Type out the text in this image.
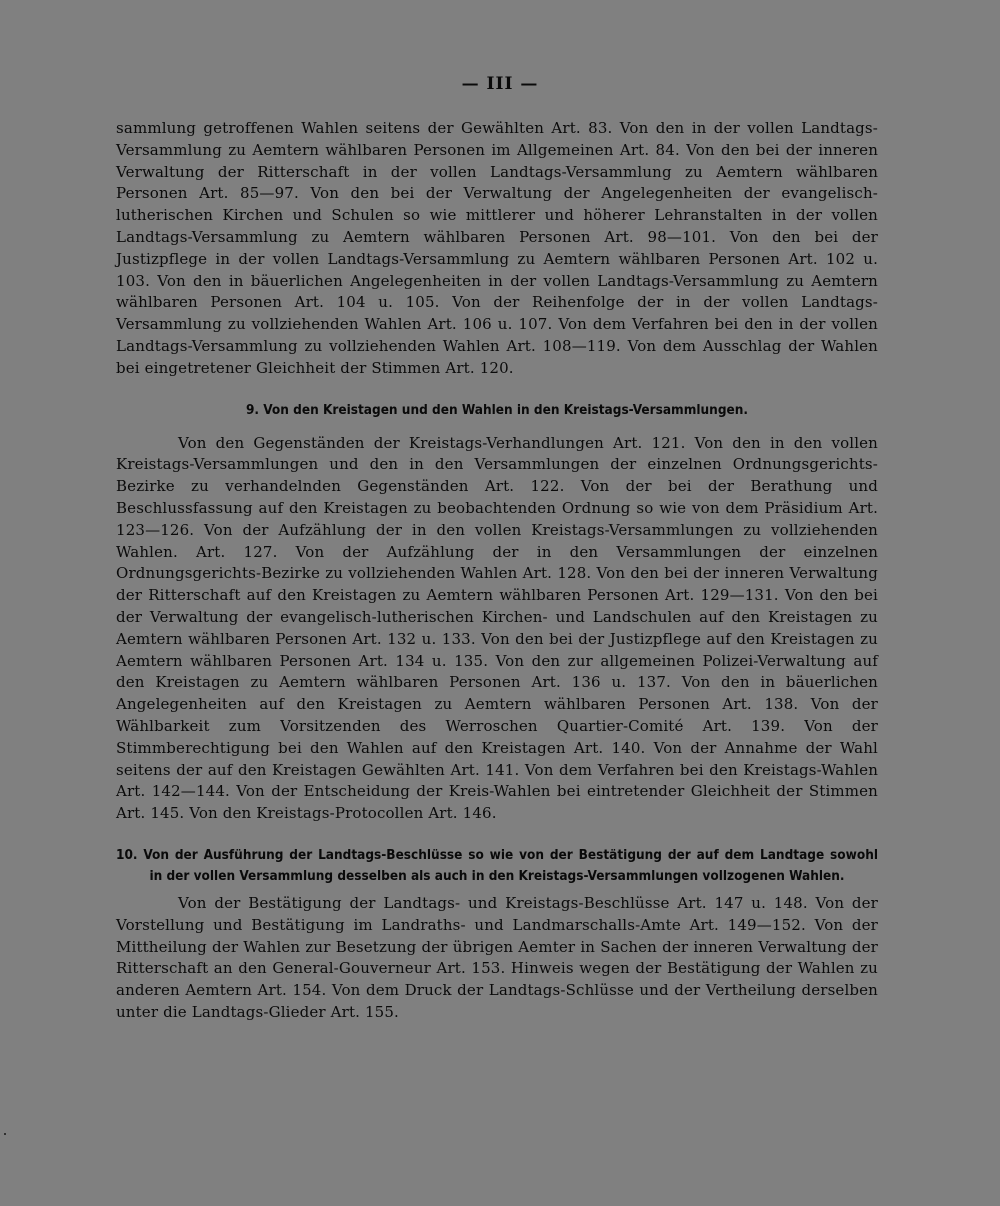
— III —

sammlung getroffenen Wahlen seitens der Gewählten Art. 83. Von den in der vollen Landtags-Versammlung zu Aemtern wählbaren Personen im Allgemeinen Art. 84. Von den bei der inneren Verwaltung der Ritterschaft in der vollen Landtags-Versammlung zu Aemtern wählbaren Personen Art. 85—97. Von den bei der Verwaltung der Angelegenheiten der evangelisch-lutherischen Kirchen und Schulen so wie mittlerer und höherer Lehranstalten in der vollen Landtags-Versammlung zu Aemtern wählbaren Personen Art. 98—101. Von den bei der Justizpflege in der vollen Landtags-Versammlung zu Aemtern wählbaren Personen Art. 102 u. 103. Von den in bäuerlichen Angelegenheiten in der vollen Landtags-Versammlung zu Aemtern wählbaren Personen Art. 104 u. 105. Von der Reihenfolge der in der vollen Landtags-Versammlung zu vollziehenden Wahlen Art. 106 u. 107. Von dem Verfahren bei den in der vollen Landtags-Versammlung zu vollziehenden Wahlen Art. 108—119. Von dem Ausschlag der Wahlen bei eingetretener Gleichheit der Stimmen Art. 120.

9. Von den Kreistagen und den Wahlen in den Kreistags-Versammlungen.

Von den Gegenständen der Kreistags-Verhandlungen Art. 121. Von den in den vollen Kreistags-Versammlungen und den in den Versammlungen der einzelnen Ordnungsgerichts-Bezirke zu verhandelnden Gegenständen Art. 122. Von der bei der Berathung und Beschlussfassung auf den Kreistagen zu beobachtenden Ordnung so wie von dem Präsidium Art. 123—126. Von der Aufzählung der in den vollen Kreistags-Versammlungen zu vollziehenden Wahlen. Art. 127. Von der Aufzählung der in den Versammlungen der einzelnen Ordnungsgerichts-Bezirke zu vollziehenden Wahlen Art. 128. Von den bei der inneren Verwaltung der Ritterschaft auf den Kreistagen zu Aemtern wählbaren Personen Art. 129—131. Von den bei der Verwaltung der evangelisch-lutherischen Kirchen- und Landschulen auf den Kreistagen zu Aemtern wählbaren Personen Art. 132 u. 133. Von den bei der Justizpflege auf den Kreistagen zu Aemtern wählbaren Personen Art. 134 u. 135. Von den zur allgemeinen Polizei-Verwaltung auf den Kreistagen zu Aemtern wählbaren Personen Art. 136 u. 137. Von den in bäuerlichen Angelegenheiten auf den Kreistagen zu Aemtern wählbaren Personen Art. 138. Von der Wählbarkeit zum Vorsitzenden des Werroschen Quartier-Comité Art. 139. Von der Stimmberechtigung bei den Wahlen auf den Kreistagen Art. 140. Von der Annahme der Wahl seitens der auf den Kreistagen Gewählten Art. 141. Von dem Verfahren bei den Kreistags-Wahlen Art. 142—144. Von der Entscheidung der Kreis-Wahlen bei eintretender Gleichheit der Stimmen Art. 145. Von den Kreistags-Protocollen Art. 146.

10. Von der Ausführung der Landtags-Beschlüsse so wie von der Bestätigung der auf dem Landtage sowohl
in der vollen Versammlung desselben als auch in den Kreistags-Versammlungen vollzogenen Wahlen.

Von der Bestätigung der Landtags- und Kreistags-Beschlüsse Art. 147 u. 148. Von der Vorstellung und Bestätigung im Landraths- und Landmarschalls-Amte Art. 149—152. Von der Mittheilung der Wahlen zur Besetzung der übrigen Aemter in Sachen der inneren Verwaltung der Ritterschaft an den General-Gouverneur Art. 153. Hinweis wegen der Bestätigung der Wahlen zu anderen Aemtern Art. 154. Von dem Druck der Landtags-Schlüsse und der Vertheilung derselben unter die Landtags-Glieder Art. 155.
